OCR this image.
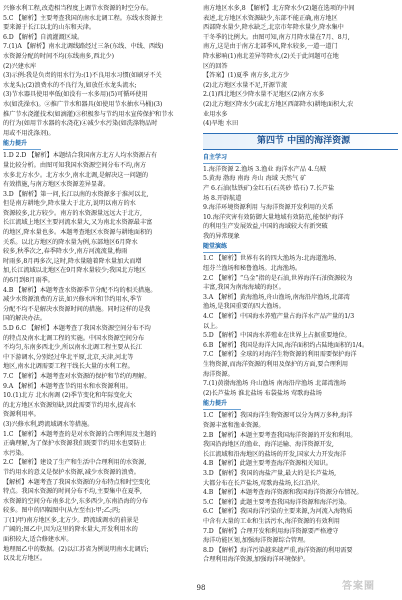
兴修水利工程,改造相当程度上调节水资源的时空分布。
5.C 【解析】主要考查我国的南水北调工程。东线水资源主
要来源于长江以北的山东和天津。
6.D 【解析】自流灌溉区域。
7.(1)A 【解析】南水北调线路经过三条(东线、中线、西线)
水资源分配的时间不均(东线南多,西北少)
(2)兴建水库
(3)示例:我是负责的用水行为:(1)不良用水习惯(如刷牙不关
水龙头);(2)浪费水的不良行为,如放任水龙头流水;
(3)节水器具使用率低(如没有一水多用)(5)可循环使用
水(如洗澡水)。②推广节水和器具(如使用节水抽水马桶)(3)
推广节水浇灌技术(如滴灌)③积极参与节约用水宣传保护和节水
的行为(如用节水器的水浇花)④减少水污染(如洗涤物品时
用或不用洗涤剂)。
能力提升
1.D 2.D 【解析】本题结合我国南方北方人均水资源占有
量比较分析。由图可知我国水资源空间分布不均,南方
水多北方水少。北方水少,南水北调,是解决这一问题的
有效措施,与南方地区水资源差异显著。
3.D 【解析】第一问,长江以南的水资源多于淮河以北,
但是南方耕地少,降水量大于北方,说明以南方的水
资源较多,北方较少。南方的水资源量远远大于北方,
长江流域上地区主要河流水量大,又为南北水资源最丰富
的地区,降水量也多。本题考查地区水资源与耕地面积的
关系。以北方地区的降水量为例,东部地区6月降水
较多,秋季次之,春季降水少,南方河流流量,梅雨
时雨多,8月再多次,这时,降水量随着降水量加大而增
加,长江流域以北地区在9月降水量较少;我国北方地区
的6月到8月雨季。
4.B 【解析】本题考查水资源季节分配不均的相关措施。
减少水资源浪费的方法,如兴修水库和节约用水,季节
分配不均不是解决水资源时间的措施。同时这样的是我
国的解决办法。
5.D 6.C 【解析】本题考查了我国水资源空间分布不均
的特点及南水北调工程的实施。中国水资源空间分布
不均匀,东南多西北少,所以南水北调工程主要从长江
中下游调水,分别经过华北平原,北京,天津,河北等
地区,南水北调需要工程干线长大量的水利工程。
7.C 【解析】本题考查对水资源的保护和节约的理解。
9.A 【解析】本题考查节约用水和水资源利用。
10.(1)北方 北水南调 (2)季节变化和年际变化大
的北方地区水资源短缺,因此需要节约用水,提高水
资源利用率。
(3)兴修水利,跨流域调水等措施。
1.C 【解析】本题考查的是对水资源的合理利用及主题的
正确理解,为了保护水资源我们既要节约用水也要防止
水污染。
2.C 【解析】建设了生产和生活中合理利用的水资源,
节约用水的意义是保护水资源,减少水资源的浪费。
【解析】本题考查了我国水资源的分布特点和时空变化
特点。我国水资源的时间分布不均,主要集中在夏季,
水资源的空间分布南多北少,东多西少,东南沿海的分布
较多。图中的四幅图中(从左至右):甲;乙;丙;
丁(1)甲)南方地区多,北方少。跨流域调水的前景是
广阔的;图乙中,因为这里的降水量大,开发利用水的
面积较大,适合修建水库。
地理图乙中的数据。(2)以江苏省为例说明南水北调后;
以及北方地区。
南方地区水多,8 【解析】北方降水少(2)题在选项的中间
表述,北方地区水资源缺少,东部不能正确,南方地区
西部降水量少,降水缺乏,北京市年降水量少,降水集中
干冬季的比例大。由图可知,南方月降水量在7月、8月,
南方,这是由于南方北部季风,降水较多,一道一道门
降水影响(1)南北差异等降水,(2)关于此问题可在地
区的回答
【答案】(1)夏季 南方多,北方少
(2)北方地区水量不足,开源节流
2.(1)西北地区少降水量不足地区(2)南方水多
(2)北方地区降水少(或北方地区西部降水)耕地面积大,农
业用水多
(4)旱地 水田
第四节 中国的海洋资源
自主学习
1.海洋资源 2.渔场 3.渔业 海洋水产品 4.乌贼
5.黄海 渤海 南海 舟山 海域 天然气 矿
产 6.石油(钛铁矿)金红石(石英砂 锆石) 7.长芦盐
场 8.开辟航道
9.海洋环境资源利用 与海洋资源开发利用的关系
10.海洋灾害有效防御大量地域有效防范,能保护海洋
的利用生产发展效益,中国的海域较大有新突破
我的异常现象
随堂演练
1.C 【解析】世界有名的四大渔场为:北海道渔场、
纽芬兰渔场和秘鲁渔场。北海渔场。
2.C 【解析】“乌金”指的是石油,世界海洋石油资源较为
丰富,我国为南海海域的海区。
3.A 【解析】黄海渔场,舟山渔场,南海沿岸渔场,北部湾
渔场,是我国重要的四大渔场。
4.C 【解析】中国海水养殖产量占海洋水产品产量的1/3
以上。
5.D 【解析】中国海水养殖业在世界上占据重要地位。
6.B 【解析】我国是海洋大国,海洋面积约占陆地面积的1/4。
7.C 【解析】全球的对海洋生物资源的利用需要保护海洋
生物资源,而海洋资源的利用及保护的方面,要合理利用
海洋资源。
7.(1)黄渤海渔场 舟山渔场 南海沿岸渔场 北部湾渔场
(2)长芦盐场 淮北盐场 布袋盐场 莺歌海盐场
能力提升
1.C 【解析】我国海洋生物资源可以分为两万多种,海洋
资源丰富和渔业资源。
2.B 【解析】本题主要考查我国海洋资源的开发和利用。
我国沿海地区的渔业、海洋运输、海洋资源开发,
长江流域和沿海地区的盐场的开发,国家大力开发海洋
4.B 【解析】此题主要考查海洋资源相关知识。
3.D 【解析】我国的海盐产量,最大的是长芦盐场,
大都分布在长芦盐场,莺歌海盐场,长江沿岸。
4.B 【解析】本题考查海洋资源和我国海洋资源分布情况。
5.C 【解析】此题主要考查我国海洋资源和海洋污染。
6.C 【解析】我国海洋污染的主要来源,为河流入海物质
中含有大量的工业和生活污水,海洋资源的有效利用
7.D 【解析】合理开发和利用海洋资源要严格遵守
海洋功能区划,加强海洋资源综合管理。
8.D 【解析】海洋污染越来越严重,海洋资源的利用需要
合理利用海洋资源,加强海洋环境保护。
98	答案圈
